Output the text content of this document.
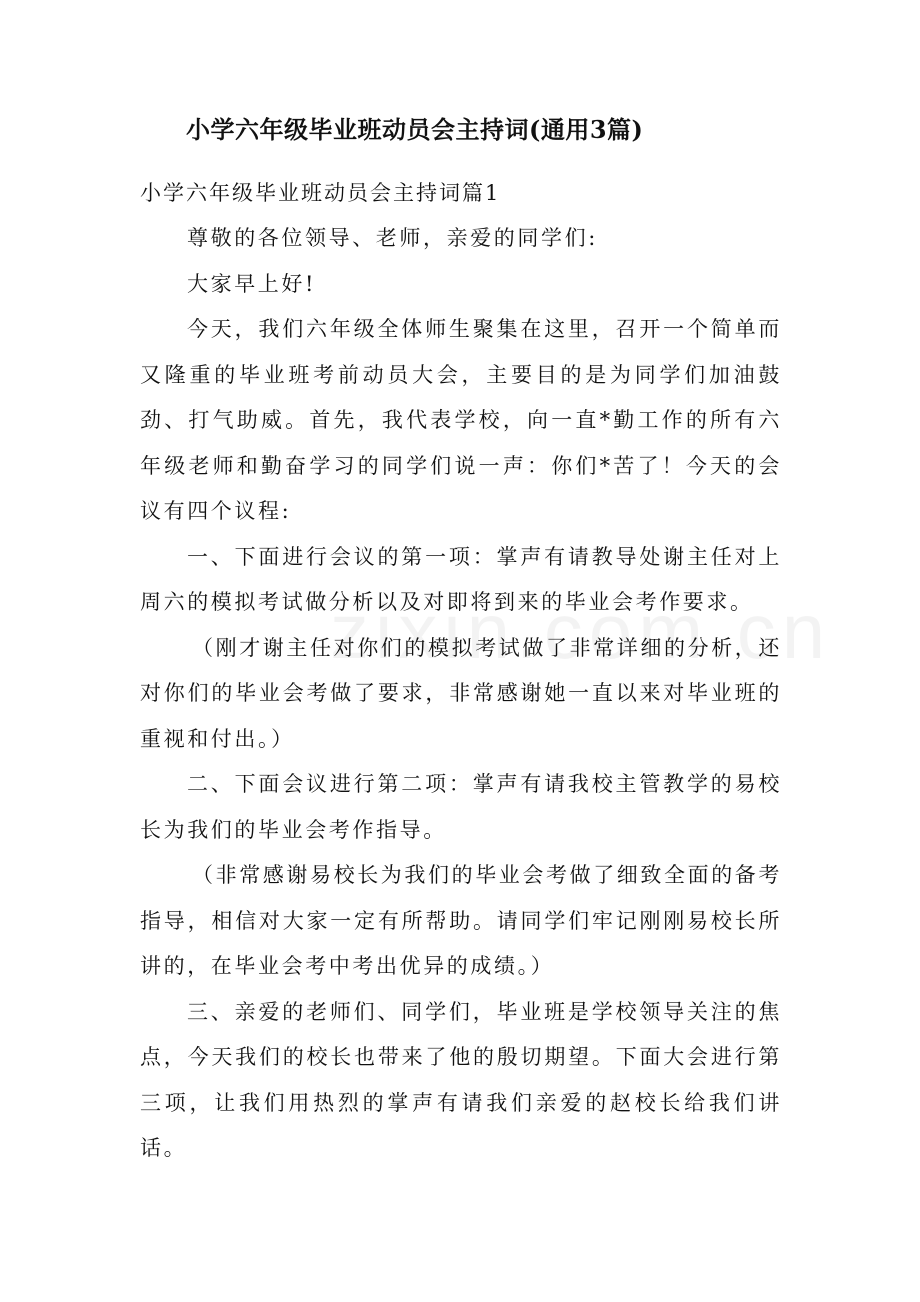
小学六年级毕业班动员会主持词(通用3篇)

小学六年级毕业班动员会主持词篇1

尊敬的各位领导、老师，亲爱的同学们:

大家早上好!

今天，我们六年级全体师生聚集在这里，召开一个简单而又隆重的毕业班考前动员大会，主要目的是为同学们加油鼓劲、打气助威。首先，我代表学校，向一直*勤工作的所有六年级老师和勤奋学习的同学们说一声：你们*苦了！今天的会议有四个议程:

一、下面进行会议的第一项：掌声有请教导处谢主任对上周六的模拟考试做分析以及对即将到来的毕业会考作要求。

（刚才谢主任对你们的模拟考试做了非常详细的分析，还对你们的毕业会考做了要求，非常感谢她一直以来对毕业班的重视和付出。）

二、下面会议进行第二项：掌声有请我校主管教学的易校长为我们的毕业会考作指导。

（非常感谢易校长为我们的毕业会考做了细致全面的备考指导，相信对大家一定有所帮助。请同学们牢记刚刚易校长所讲的，在毕业会考中考出优异的成绩。）

三、亲爱的老师们、同学们，毕业班是学校领导关注的焦点，今天我们的校长也带来了他的殷切期望。下面大会进行第三项，让我们用热烈的掌声有请我们亲爱的赵校长给我们讲话。
